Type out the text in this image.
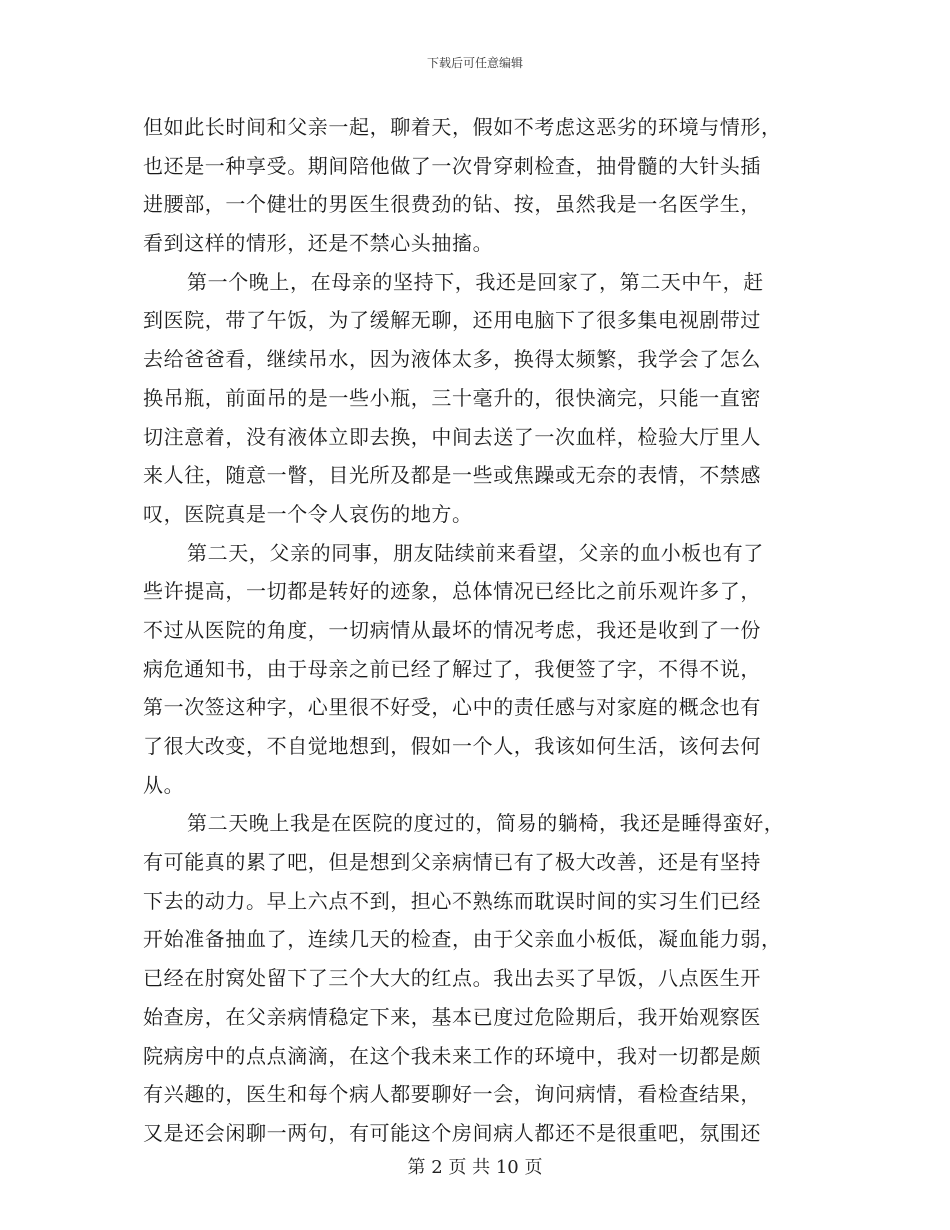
下载后可任意编辑
但如此长时间和父亲一起，聊着天，假如不考虑这恶劣的环境与情形，
也还是一种享受。期间陪他做了一次骨穿刺检查，抽骨髓的大针头插
进腰部，一个健壮的男医生很费劲的钻、按，虽然我是一名医学生，
看到这样的情形，还是不禁心头抽搐。
第一个晚上，在母亲的坚持下，我还是回家了，第二天中午，赶
到医院，带了午饭，为了缓解无聊，还用电脑下了很多集电视剧带过
去给爸爸看，继续吊水，因为液体太多，换得太频繁，我学会了怎么
换吊瓶，前面吊的是一些小瓶，三十毫升的，很快滴完，只能一直密
切注意着，没有液体立即去换，中间去送了一次血样，检验大厅里人
来人往，随意一瞥，目光所及都是一些或焦躁或无奈的表情，不禁感
叹，医院真是一个令人哀伤的地方。
第二天，父亲的同事，朋友陆续前来看望，父亲的血小板也有了
些许提高，一切都是转好的迹象，总体情况已经比之前乐观许多了，
不过从医院的角度，一切病情从最坏的情况考虑，我还是收到了一份
病危通知书，由于母亲之前已经了解过了，我便签了字，不得不说，
第一次签这种字，心里很不好受，心中的责任感与对家庭的概念也有
了很大改变，不自觉地想到，假如一个人，我该如何生活，该何去何
从。
第二天晚上我是在医院的度过的，简易的躺椅，我还是睡得蛮好，
有可能真的累了吧，但是想到父亲病情已有了极大改善，还是有坚持
下去的动力。早上六点不到，担心不熟练而耽误时间的实习生们已经
开始准备抽血了，连续几天的检查，由于父亲血小板低，凝血能力弱，
已经在肘窝处留下了三个大大的红点。我出去买了早饭，八点医生开
始查房，在父亲病情稳定下来，基本已度过危险期后，我开始观察医
院病房中的点点滴滴，在这个我未来工作的环境中，我对一切都是颇
有兴趣的，医生和每个病人都要聊好一会，询问病情，看检查结果，
又是还会闲聊一两句，有可能这个房间病人都还不是很重吧，氛围还
第 2 页 共 10 页
